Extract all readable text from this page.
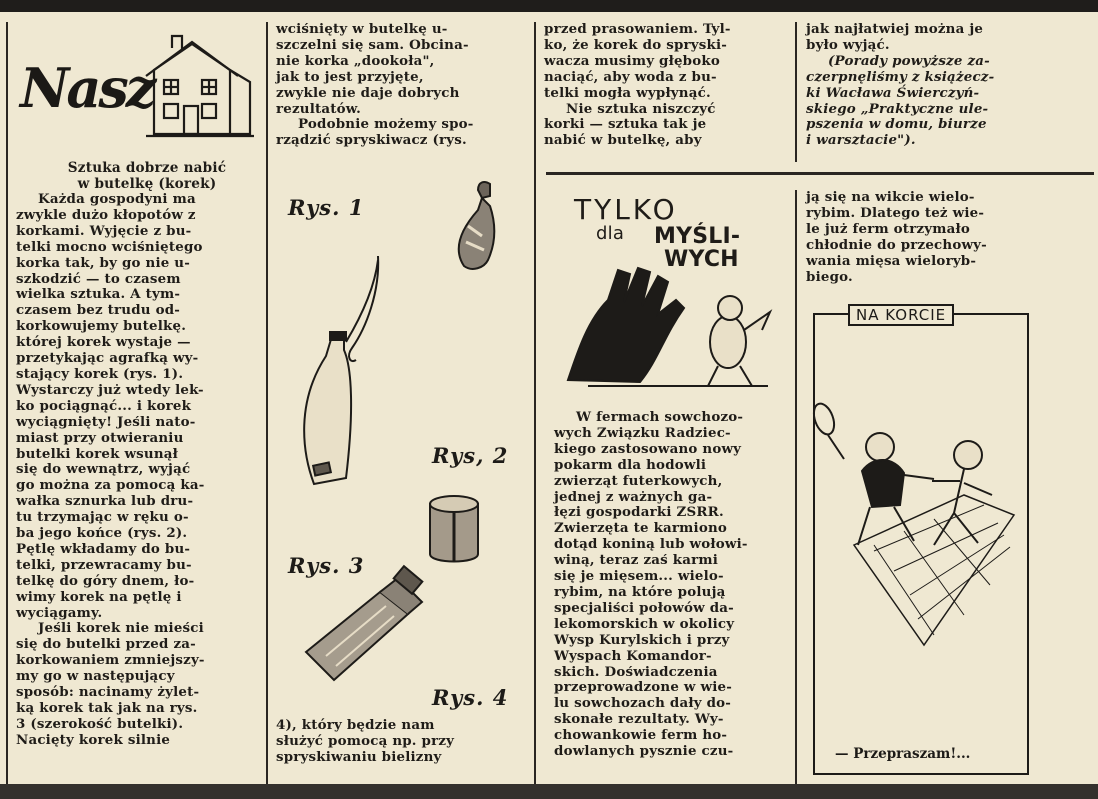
Nasz

Sztuka dobrze nabić

w butelkę (korek)

Każda gospodyni ma

zwykle dużo kłopotów z

korkami. Wyjęcie z bu-

telki mocno wciśniętego

korka tak, by go nie u-

szkodzić — to czasem

wielka sztuka. A tym-

czasem bez trudu od-

korkowujemy butelkę.

której korek wystaje —

przetykając agrafką wy-

stający korek (rys. 1).

Wystarczy już wtedy lek-

ko pociągnąć... i korek

wyciągnięty! Jeśli nato-

miast przy otwieraniu

butelki korek wsunął

się do wewnątrz, wyjąć

go można za pomocą ka-

wałka sznurka lub dru-

tu trzymając w ręku o-

ba jego końce (rys. 2).

Pętlę wkładamy do bu-

telki, przewracamy bu-

telkę do góry dnem, ło-

wimy korek na pętlę i

wyciągamy.

Jeśli korek nie mieści

się do butelki przed za-

korkowaniem zmniejszy-

my go w następujący

sposób: nacinamy żylet-

ką korek tak jak na rys.

3 (szerokość butelki).

Nacięty korek silnie

wciśnięty w butelkę u-

szczelni się sam. Obcina-

nie korka „dookoła",

jak to jest przyjęte,

zwykle nie daje dobrych

rezultatów.

Podobnie możemy spo-

rządzić spryskiwacz (rys.

Rys. 1
Rys, 2
Rys. 3
Rys. 4

4), który będzie nam

służyć pomocą np. przy

spryskiwaniu bielizny

przed prasowaniem. Tyl-

ko, że korek do spryski-

wacza musimy głęboko

naciąć, aby woda z bu-

telki mogła wypłynąć.

Nie sztuka niszczyć

korki — sztuka tak je

nabić w butelkę, aby

jak najłatwiej można je

było wyjąć.

(Porady powyższe za-

czerpnęliśmy z książecz-

ki Wacława Świerczyń-

skiego „Praktyczne ule-

pszenia w domu, biurze

i warsztacie").

TYLKO
dla	MYŚLI-
WYCH

W fermach sowchozo-

wych Związku Radziec-

kiego zastosowano nowy

pokarm dla hodowli

zwierząt futerkowych,

jednej z ważnych ga-

łęzi gospodarki ZSRR.

Zwierzęta te karmiono

dotąd koniną lub wołowi-

winą, teraz zaś karmi

się je mięsem... wielo-

rybim, na które polują

specjaliści połowów da-

lekomorskich w okolicy

Wysp Kurylskich i przy

Wyspach Komandor-

skich. Doświadczenia

przeprowadzone w wie-

lu sowchozach dały do-

skonałe rezultaty. Wy-

chowankowie ferm ho-

dowlanych pysznie czu-

ją się na wikcie wielo-

rybim. Dlatego też wie-

le już ferm otrzymało

chłodnie do przechowy-

wania mięsa wieloryb-

biego.

NA KORCIE
— Przepraszam!...
